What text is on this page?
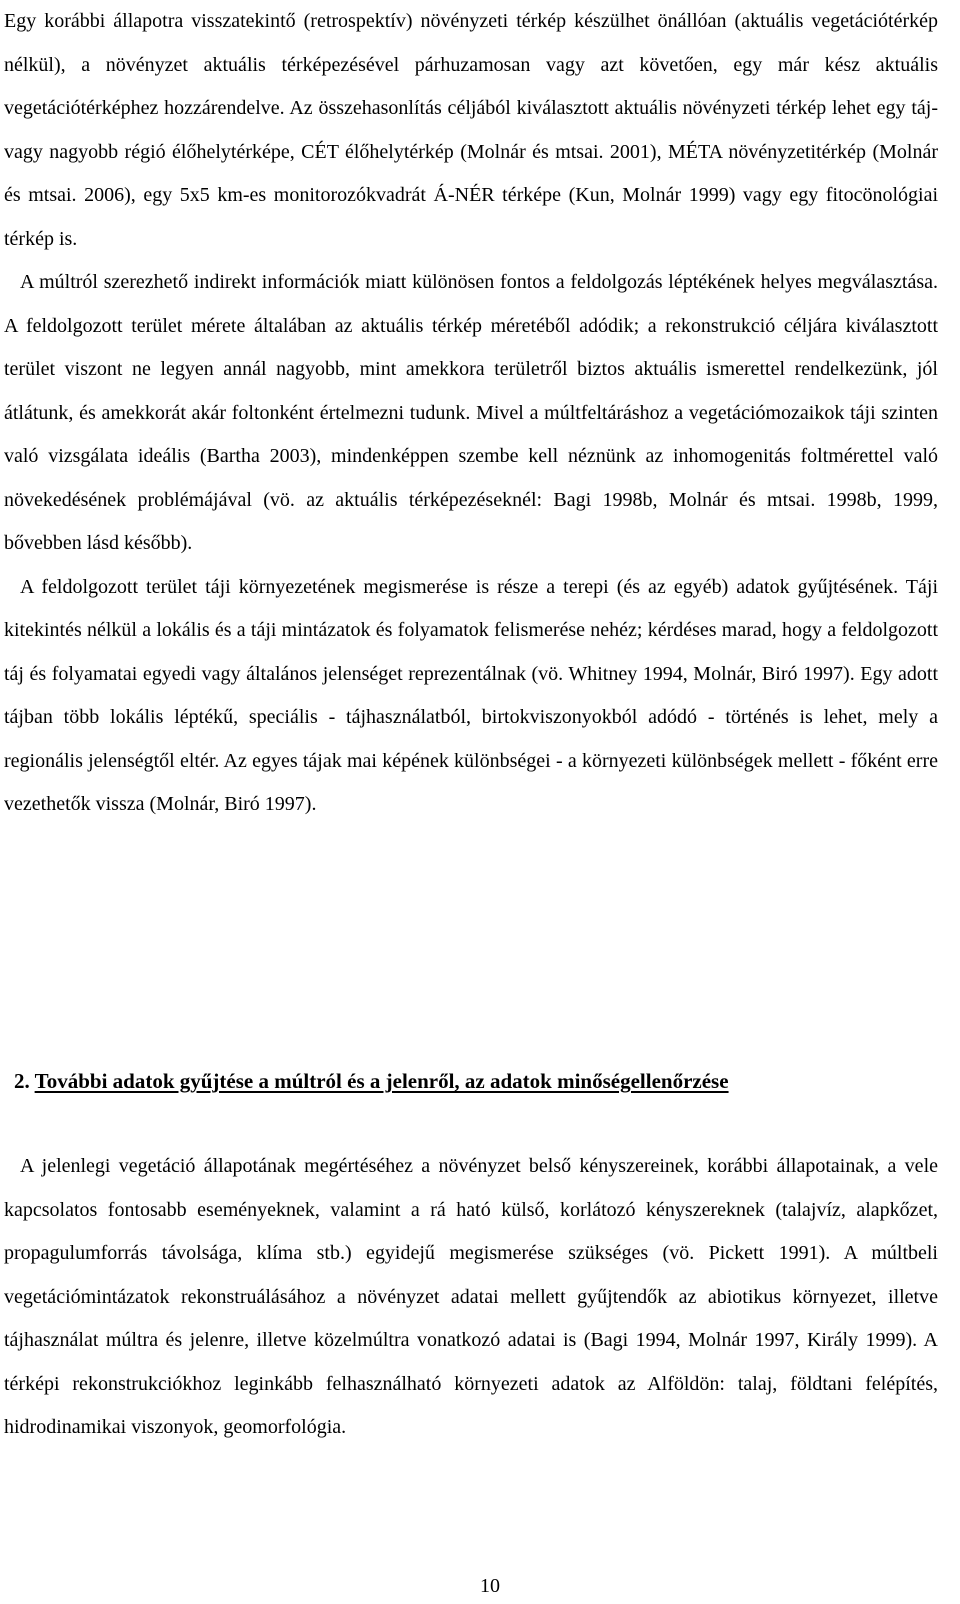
Egy korábbi állapotra visszatekintő (retrospektív) növényzeti térkép készülhet önállóan (aktuális vegetációtérkép nélkül), a növényzet aktuális térképezésével párhuzamosan vagy azt követően, egy már kész aktuális vegetációtérképhez hozzárendelve. Az összehasonlítás céljából kiválasztott aktuális növényzeti térkép lehet egy táj- vagy nagyobb régió élőhelytérképe, CÉT élőhelytérkép (Molnár és mtsai. 2001), MÉTA növényzetitérkép (Molnár és mtsai. 2006), egy 5x5 km-es monitorozókvadrát Á-NÉR térképe (Kun, Molnár 1999) vagy egy fitocönológiai térkép is.

A múltról szerezhető indirekt információk miatt különösen fontos a feldolgozás léptékének helyes megválasztása. A feldolgozott terület mérete általában az aktuális térkép méretéből adódik; a rekonstrukció céljára kiválasztott terület viszont ne legyen annál nagyobb, mint amekkora területről biztos aktuális ismerettel rendelkezünk, jól átlátunk, és amekkorát akár foltonként értelmezni tudunk. Mivel a múltfeltáráshoz a vegetációmozaikok táji szinten való vizsgálata ideális (Bartha 2003), mindenképpen szembe kell néznünk az inhomogenitás foltmérettel való növekedésének problémájával (vö. az aktuális térképezéseknél: Bagi 1998b, Molnár és mtsai. 1998b, 1999, bővebben lásd később).

A feldolgozott terület táji környezetének megismerése is része a terepi (és az egyéb) adatok gyűjtésének. Táji kitekintés nélkül a lokális és a táji mintázatok és folyamatok felismerése nehéz; kérdéses marad, hogy a feldolgozott táj és folyamatai egyedi vagy általános jelenséget reprezentálnak (vö. Whitney 1994, Molnár, Biró 1997). Egy adott tájban több lokális léptékű, speciális - tájhasználatból, birtokviszonyokból adódó - történés is lehet, mely a regionális jelenségtől eltér. Az egyes tájak mai képének különbségei - a környezeti különbségek mellett - főként erre vezethetők vissza (Molnár, Biró 1997).

2. További adatok gyűjtése a múltról és a jelenről, az adatok minőségellenőrzése

A jelenlegi vegetáció állapotának megértéséhez a növényzet belső kényszereinek, korábbi állapotainak, a vele kapcsolatos fontosabb eseményeknek, valamint a rá ható külső, korlátozó kényszereknek (talajvíz, alapkőzet, propagulumforrás távolsága, klíma stb.) egyidejű megismerése szükséges (vö. Pickett 1991). A múltbeli vegetációmintázatok rekonstruálásához a növényzet adatai mellett gyűjtendők az abiotikus környezet, illetve tájhasználat múltra és jelenre, illetve közelmúltra vonatkozó adatai is (Bagi 1994, Molnár 1997, Király 1999). A térképi rekonstrukciókhoz leginkább felhasználható környezeti adatok az Alföldön: talaj, földtani felépítés, hidrodinamikai viszonyok, geomorfológia.

10
